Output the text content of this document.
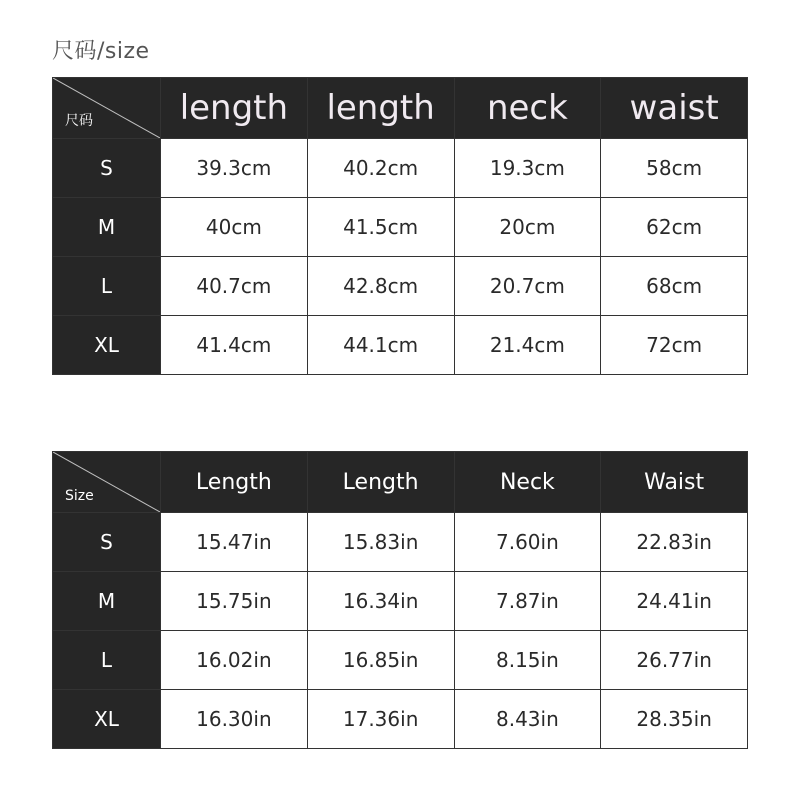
尺码/size
尺码	length	length	neck	waist
S	39.3cm	40.2cm	19.3cm	58cm
M	40cm	41.5cm	20cm	62cm
L	40.7cm	42.8cm	20.7cm	68cm
XL	41.4cm	44.1cm	21.4cm	72cm
Size	Length	Length	Neck	Waist
S	15.47in	15.83in	7.60in	22.83in
M	15.75in	16.34in	7.87in	24.41in
L	16.02in	16.85in	8.15in	26.77in
XL	16.30in	17.36in	8.43in	28.35in
